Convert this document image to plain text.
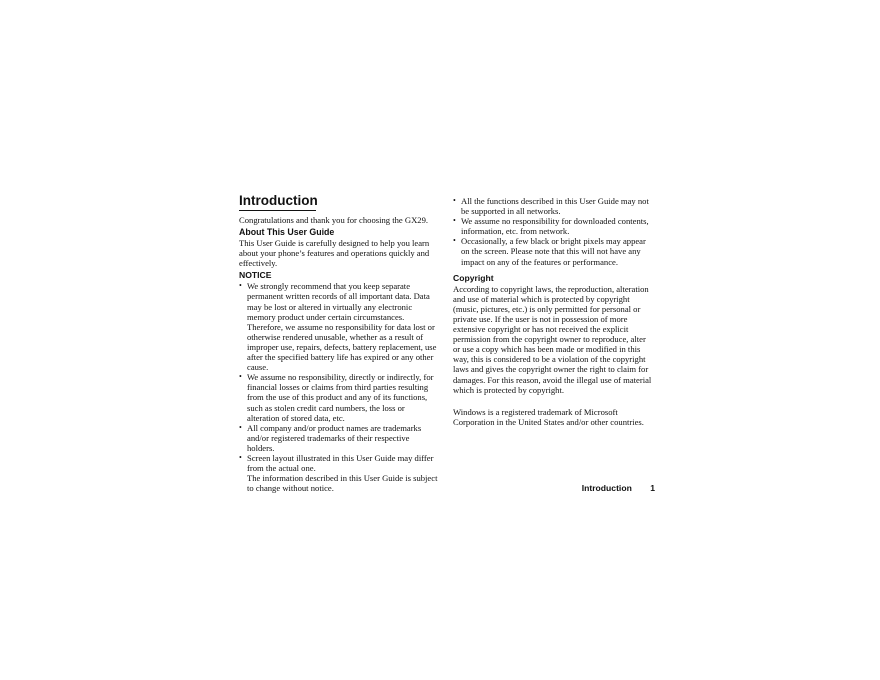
Introduction

Congratulations and thank you for choosing the GX29.

About This User Guide

This User Guide is carefully designed to help you learn about your phone’s features and operations quickly and effectively.

NOTICE
• We strongly recommend that you keep separate permanent written records of all important data. Data may be lost or altered in virtually any electronic memory product under certain circumstances. Therefore, we assume no responsibility for data lost or otherwise rendered unusable, whether as a result of improper use, repairs, defects, battery replacement, use after the specified battery life has expired or any other cause.
• We assume no responsibility, directly or indirectly, for financial losses or claims from third parties resulting from the use of this product and any of its functions, such as stolen credit card numbers, the loss or alteration of stored data, etc.
• All company and/or product names are trademarks and/or registered trademarks of their respective holders.
• Screen layout illustrated in this User Guide may differ from the actual one.
The information described in this User Guide is subject to change without notice.
• All the functions described in this User Guide may not be supported in all networks.
• We assume no responsibility for downloaded contents, information, etc. from network.
• Occasionally, a few black or bright pixels may appear on the screen. Please note that this will not have any impact on any of the features or performance.
Copyright

According to copyright laws, the reproduction, alteration and use of material which is protected by copyright (music, pictures, etc.) is only permitted for personal or private use. If the user is not in possession of more extensive copyright or has not received the explicit permission from the copyright owner to reproduce, alter or use a copy which has been made or modified in this way, this is considered to be a violation of the copyright laws and gives the copyright owner the right to claim for damages. For this reason, avoid the illegal use of material which is protected by copyright.

Windows is a registered trademark of Microsoft Corporation in the United States and/or other countries.

Introduction 1
